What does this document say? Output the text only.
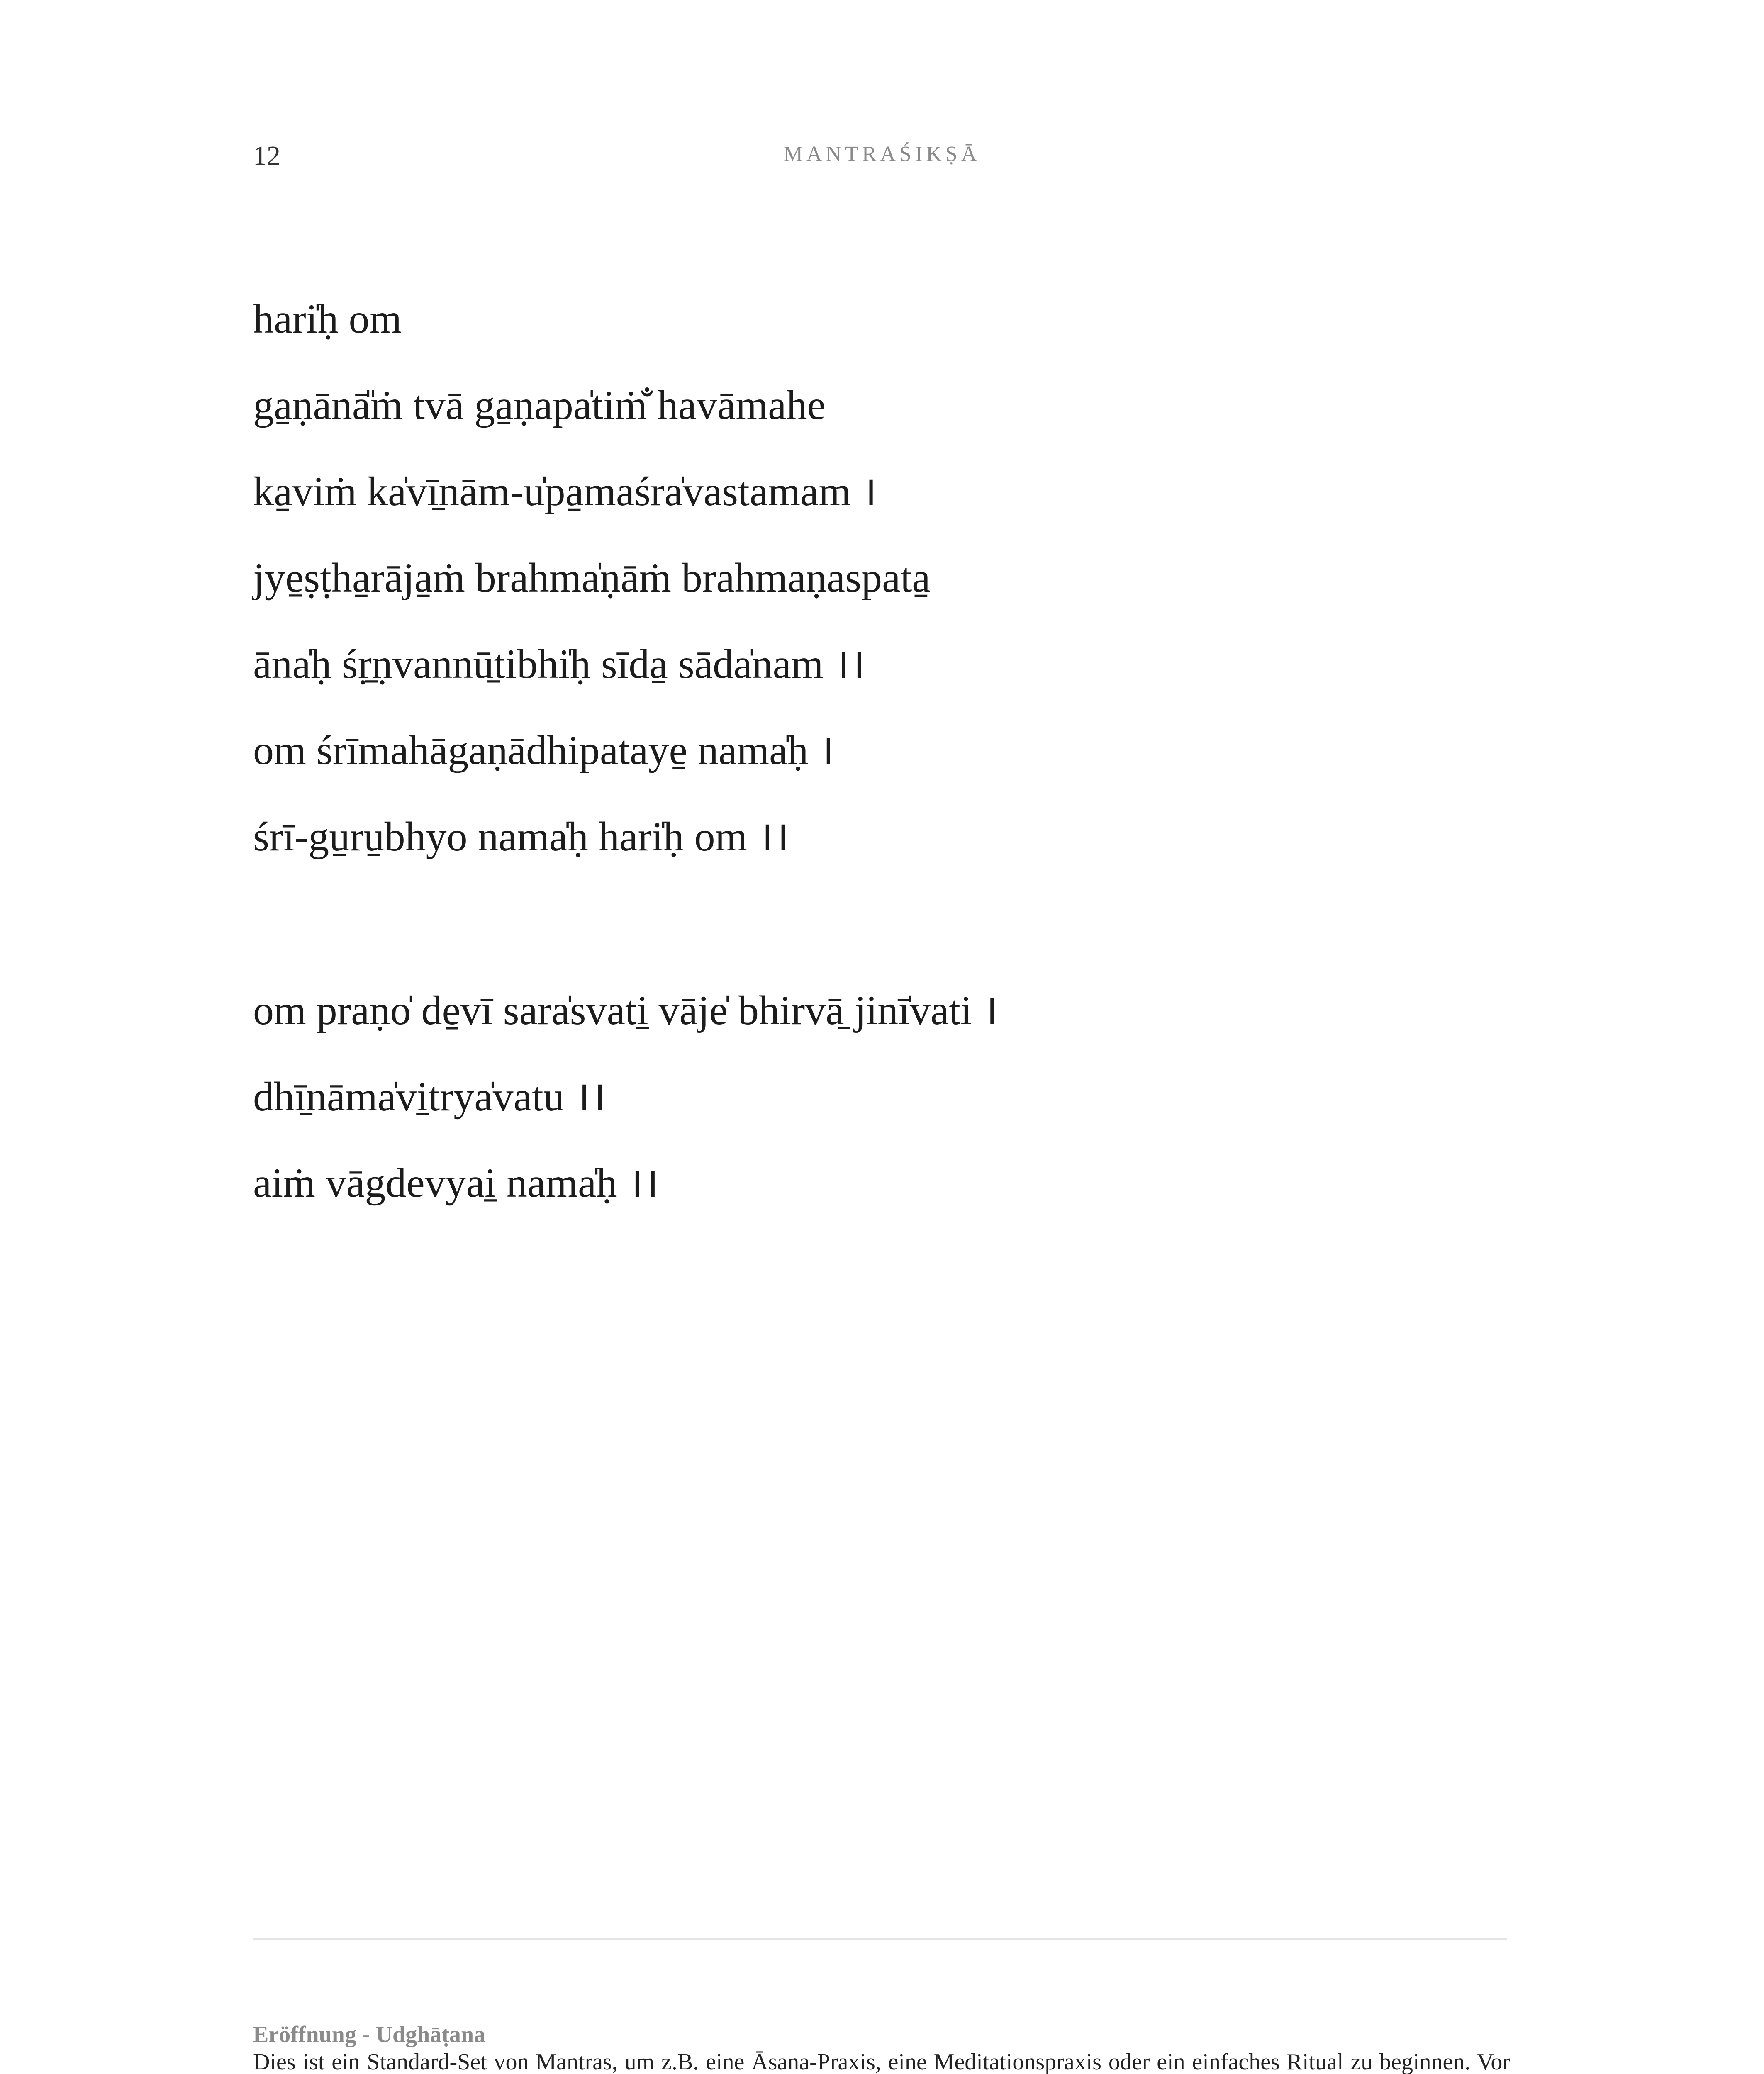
12	MANTRAŚIKṢĀ
hari̍ḥ om
ga̱ṇānā̎ṁ tvā ga̱ṇapa̍tiṁ̐ havāmahe
ka̱viṁ ka̍vī̱nām-u̍pa̱maśra̍vastamam ।
jye̱ṣṭha̱rāja̱ṁ brahma̍ṇāṁ brahmaṇaspata̱
āna̍ḥ śṛ̱ṇvannū̱tibhi̍ḥ sīda̱ sāda̍nam ।।
om śrīmahāgaṇādhipataye̱ nama̍ḥ ।
śrī-gu̱ru̱bhyo nama̍ḥ hari̍ḥ om ।।
om praṇo̍ de̱vī sara̍svati̱ vāje̍ bhirvā̱ jinī̍vati ।
dhī̱nāma̍vi̱trya̍vatu ।।
aiṁ vāgdevyai̱ nama̍ḥ ।।
Eröffnung - Udghāṭana
Dies ist ein Standard-Set von Mantras, um z.B. eine Āsana-Praxis, eine Meditationspraxis oder ein einfaches Ritual zu beginnen. Vor
